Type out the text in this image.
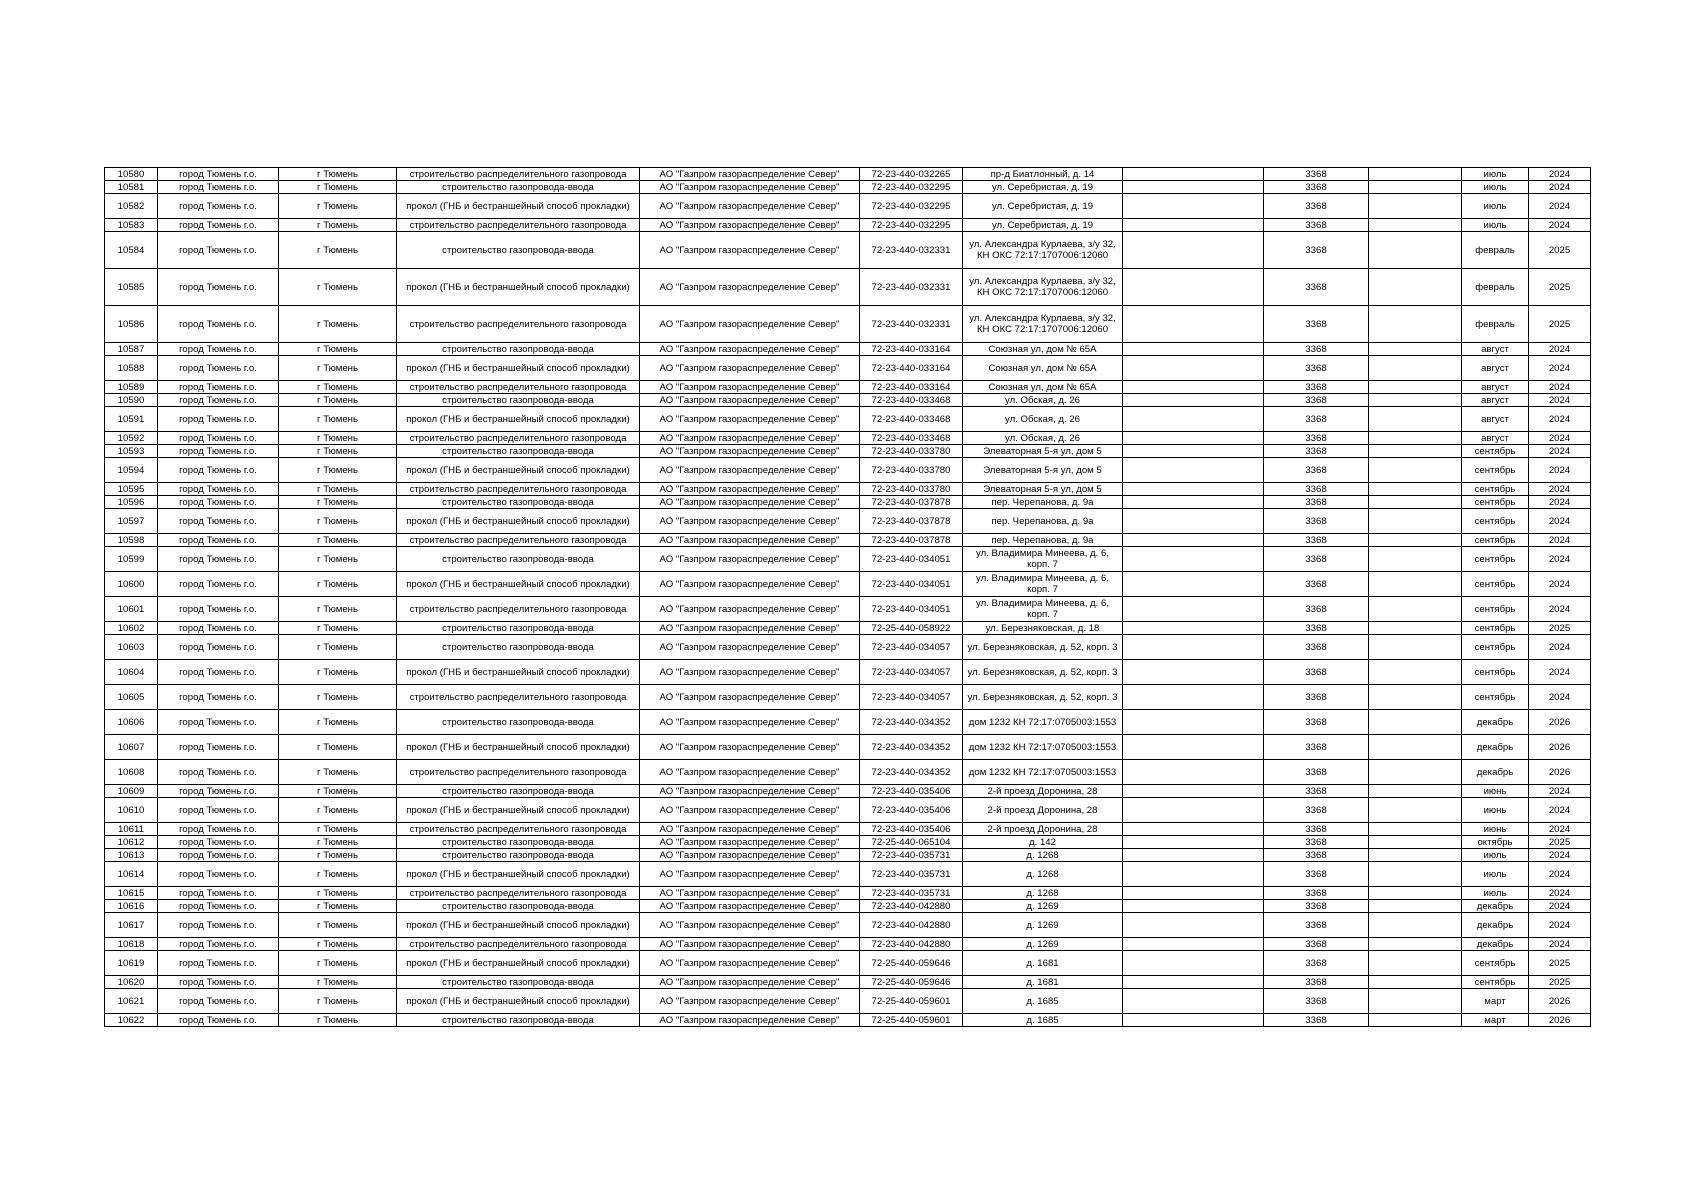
10580	город Тюмень г.о.	г Тюмень	строительство распределительного газопровода	АО "Газпром газораспределение Север"	72-23-440-032265	пр-д Биатлонный, д. 14		3368		июль	2024
10581	город Тюмень г.о.	г Тюмень	строительство газопровода-ввода	АО "Газпром газораспределение Север"	72-23-440-032295	ул. Серебристая, д. 19		3368		июль	2024
10582	город Тюмень г.о.	г Тюмень	прокол (ГНБ и бестраншейный способ прокладки)	АО "Газпром газораспределение Север"	72-23-440-032295	ул. Серебристая, д. 19		3368		июль	2024
10583	город Тюмень г.о.	г Тюмень	строительство распределительного газопровода	АО "Газпром газораспределение Север"	72-23-440-032295	ул. Серебристая, д. 19		3368		июль	2024
10584	город Тюмень г.о.	г Тюмень	строительство газопровода-ввода	АО "Газпром газораспределение Север"	72-23-440-032331	ул. Александра Курлаева, з/у 32, КН ОКС 72:17:1707006:12060		3368		февраль	2025
10585	город Тюмень г.о.	г Тюмень	прокол (ГНБ и бестраншейный способ прокладки)	АО "Газпром газораспределение Север"	72-23-440-032331	ул. Александра Курлаева, з/у 32, КН ОКС 72:17:1707006:12060		3368		февраль	2025
10586	город Тюмень г.о.	г Тюмень	строительство распределительного газопровода	АО "Газпром газораспределение Север"	72-23-440-032331	ул. Александра Курлаева, з/у 32, КН ОКС 72:17:1707006:12060		3368		февраль	2025
10587	город Тюмень г.о.	г Тюмень	строительство газопровода-ввода	АО "Газпром газораспределение Север"	72-23-440-033164	Союзная ул, дом № 65А		3368		август	2024
10588	город Тюмень г.о.	г Тюмень	прокол (ГНБ и бестраншейный способ прокладки)	АО "Газпром газораспределение Север"	72-23-440-033164	Союзная ул, дом № 65А		3368		август	2024
10589	город Тюмень г.о.	г Тюмень	строительство распределительного газопровода	АО "Газпром газораспределение Север"	72-23-440-033164	Союзная ул, дом № 65А		3368		август	2024
10590	город Тюмень г.о.	г Тюмень	строительство газопровода-ввода	АО "Газпром газораспределение Север"	72-23-440-033468	ул. Обская, д. 26		3368		август	2024
10591	город Тюмень г.о.	г Тюмень	прокол (ГНБ и бестраншейный способ прокладки)	АО "Газпром газораспределение Север"	72-23-440-033468	ул. Обская, д. 26		3368		август	2024
10592	город Тюмень г.о.	г Тюмень	строительство распределительного газопровода	АО "Газпром газораспределение Север"	72-23-440-033468	ул. Обская, д. 26		3368		август	2024
10593	город Тюмень г.о.	г Тюмень	строительство газопровода-ввода	АО "Газпром газораспределение Север"	72-23-440-033780	Элеваторная 5-я ул, дом 5		3368		сентябрь	2024
10594	город Тюмень г.о.	г Тюмень	прокол (ГНБ и бестраншейный способ прокладки)	АО "Газпром газораспределение Север"	72-23-440-033780	Элеваторная 5-я ул, дом 5		3368		сентябрь	2024
10595	город Тюмень г.о.	г Тюмень	строительство распределительного газопровода	АО "Газпром газораспределение Север"	72-23-440-033780	Элеваторная 5-я ул, дом 5		3368		сентябрь	2024
10596	город Тюмень г.о.	г Тюмень	строительство газопровода-ввода	АО "Газпром газораспределение Север"	72-23-440-037878	пер. Черепанова, д. 9а		3368		сентябрь	2024
10597	город Тюмень г.о.	г Тюмень	прокол (ГНБ и бестраншейный способ прокладки)	АО "Газпром газораспределение Север"	72-23-440-037878	пер. Черепанова, д. 9а		3368		сентябрь	2024
10598	город Тюмень г.о.	г Тюмень	строительство распределительного газопровода	АО "Газпром газораспределение Север"	72-23-440-037878	пер. Черепанова, д. 9а		3368		сентябрь	2024
10599	город Тюмень г.о.	г Тюмень	строительство газопровода-ввода	АО "Газпром газораспределение Север"	72-23-440-034051	ул. Владимира Минеева, д. 6, корп. 7		3368		сентябрь	2024
10600	город Тюмень г.о.	г Тюмень	прокол (ГНБ и бестраншейный способ прокладки)	АО "Газпром газораспределение Север"	72-23-440-034051	ул. Владимира Минеева, д. 6, корп. 7		3368		сентябрь	2024
10601	город Тюмень г.о.	г Тюмень	строительство распределительного газопровода	АО "Газпром газораспределение Север"	72-23-440-034051	ул. Владимира Минеева, д. 6, корп. 7		3368		сентябрь	2024
10602	город Тюмень г.о.	г Тюмень	строительство газопровода-ввода	АО "Газпром газораспределение Север"	72-25-440-058922	ул. Березняковская, д. 18		3368		сентябрь	2025
10603	город Тюмень г.о.	г Тюмень	строительство газопровода-ввода	АО "Газпром газораспределение Север"	72-23-440-034057	ул. Березняковская, д. 52, корп. 3		3368		сентябрь	2024
10604	город Тюмень г.о.	г Тюмень	прокол (ГНБ и бестраншейный способ прокладки)	АО "Газпром газораспределение Север"	72-23-440-034057	ул. Березняковская, д. 52, корп. 3		3368		сентябрь	2024
10605	город Тюмень г.о.	г Тюмень	строительство распределительного газопровода	АО "Газпром газораспределение Север"	72-23-440-034057	ул. Березняковская, д. 52, корп. 3		3368		сентябрь	2024
10606	город Тюмень г.о.	г Тюмень	строительство газопровода-ввода	АО "Газпром газораспределение Север"	72-23-440-034352	дом 1232 КН 72:17:0705003:1553		3368		декабрь	2026
10607	город Тюмень г.о.	г Тюмень	прокол (ГНБ и бестраншейный способ прокладки)	АО "Газпром газораспределение Север"	72-23-440-034352	дом 1232 КН 72:17:0705003:1553		3368		декабрь	2026
10608	город Тюмень г.о.	г Тюмень	строительство распределительного газопровода	АО "Газпром газораспределение Север"	72-23-440-034352	дом 1232 КН 72:17:0705003:1553		3368		декабрь	2026
10609	город Тюмень г.о.	г Тюмень	строительство газопровода-ввода	АО "Газпром газораспределение Север"	72-23-440-035406	2-й проезд Доронина, 28		3368		июнь	2024
10610	город Тюмень г.о.	г Тюмень	прокол (ГНБ и бестраншейный способ прокладки)	АО "Газпром газораспределение Север"	72-23-440-035406	2-й проезд Доронина, 28		3368		июнь	2024
10611	город Тюмень г.о.	г Тюмень	строительство распределительного газопровода	АО "Газпром газораспределение Север"	72-23-440-035406	2-й проезд Доронина, 28		3368		июнь	2024
10612	город Тюмень г.о.	г Тюмень	строительство газопровода-ввода	АО "Газпром газораспределение Север"	72-25-440-065104	д. 142		3368		октябрь	2025
10613	город Тюмень г.о.	г Тюмень	строительство газопровода-ввода	АО "Газпром газораспределение Север"	72-23-440-035731	д. 1268		3368		июль	2024
10614	город Тюмень г.о.	г Тюмень	прокол (ГНБ и бестраншейный способ прокладки)	АО "Газпром газораспределение Север"	72-23-440-035731	д. 1268		3368		июль	2024
10615	город Тюмень г.о.	г Тюмень	строительство распределительного газопровода	АО "Газпром газораспределение Север"	72-23-440-035731	д. 1268		3368		июль	2024
10616	город Тюмень г.о.	г Тюмень	строительство газопровода-ввода	АО "Газпром газораспределение Север"	72-23-440-042880	д. 1269		3368		декабрь	2024
10617	город Тюмень г.о.	г Тюмень	прокол (ГНБ и бестраншейный способ прокладки)	АО "Газпром газораспределение Север"	72-23-440-042880	д. 1269		3368		декабрь	2024
10618	город Тюмень г.о.	г Тюмень	строительство распределительного газопровода	АО "Газпром газораспределение Север"	72-23-440-042880	д. 1269		3368		декабрь	2024
10619	город Тюмень г.о.	г Тюмень	прокол (ГНБ и бестраншейный способ прокладки)	АО "Газпром газораспределение Север"	72-25-440-059646	д. 1681		3368		сентябрь	2025
10620	город Тюмень г.о.	г Тюмень	строительство газопровода-ввода	АО "Газпром газораспределение Север"	72-25-440-059646	д. 1681		3368		сентябрь	2025
10621	город Тюмень г.о.	г Тюмень	прокол (ГНБ и бестраншейный способ прокладки)	АО "Газпром газораспределение Север"	72-25-440-059601	д. 1685		3368		март	2026
10622	город Тюмень г.о.	г Тюмень	строительство газопровода-ввода	АО "Газпром газораспределение Север"	72-25-440-059601	д. 1685		3368		март	2026
